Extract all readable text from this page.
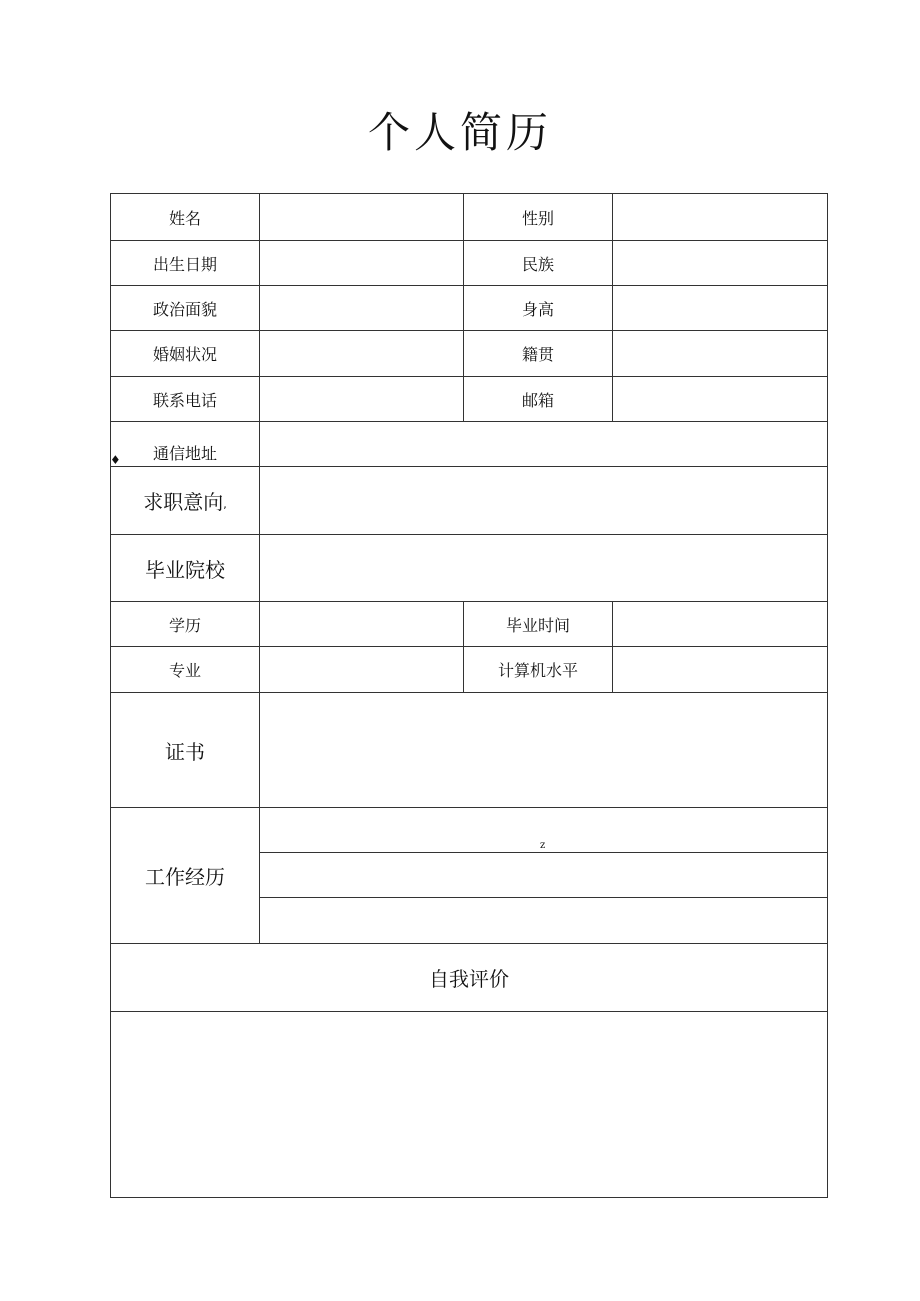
个人简历
姓名	性别
出生日期	民族
政治面貌	身高
婚姻状况	籍贯
联系电话	邮箱
通信地址
求职意向 ,
毕业院校
学历	毕业时间
专业	计算机水平
证书
工作经历
z
自我评价
♦
